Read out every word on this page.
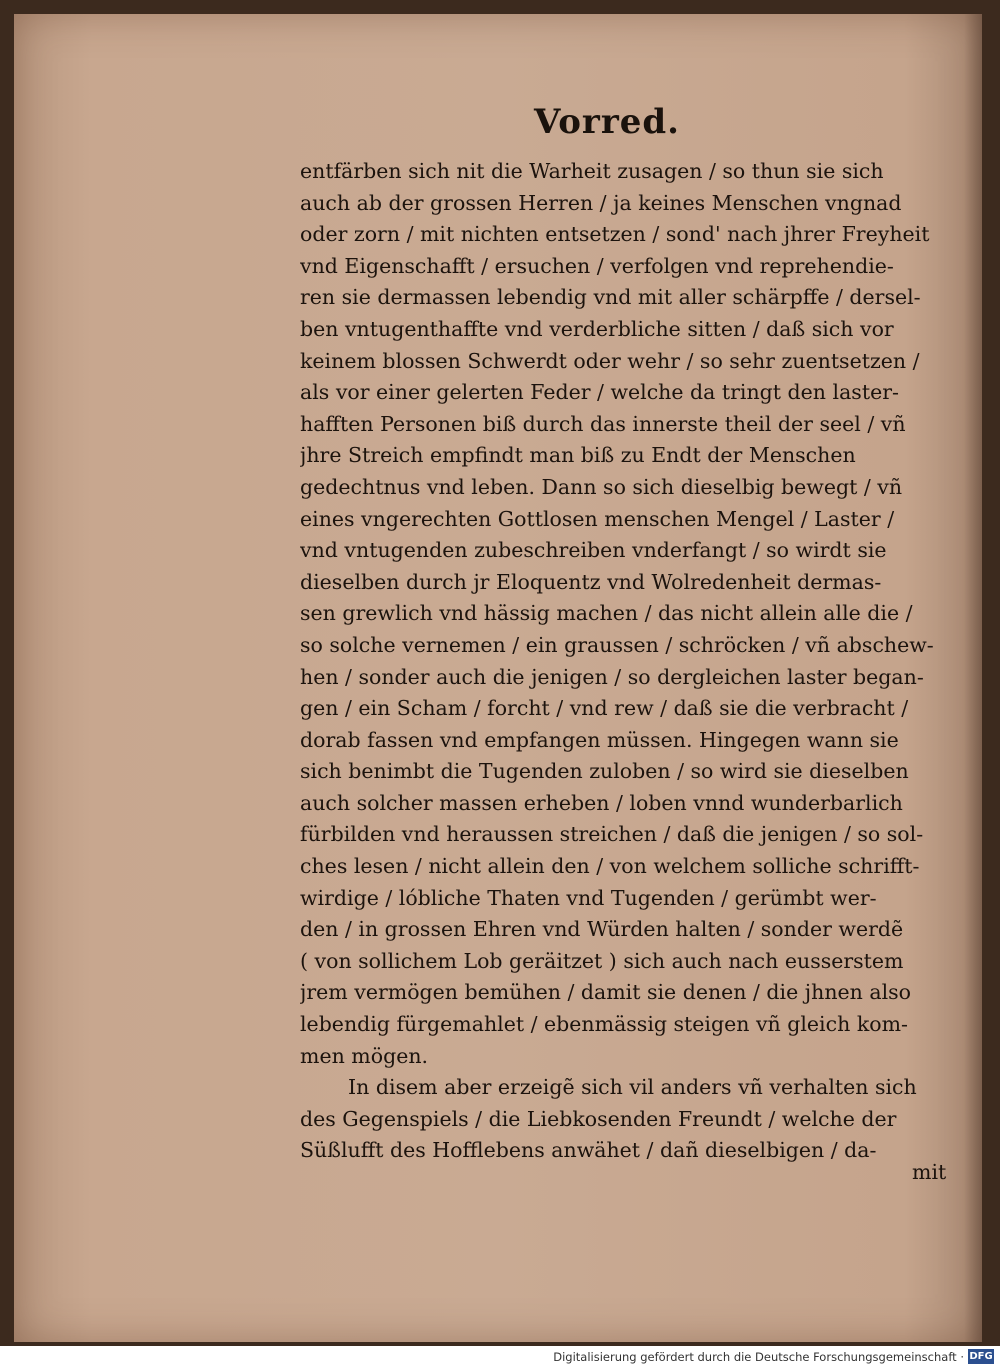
Vorred.
entfärben sich nit die Warheit zusagen / so thun sie sich
auch ab der grossen Herren / ja keines Menschen vngnad
oder zorn / mit nichten entsetzen / sond' nach jhrer Freyheit
vnd Eigenschafft / ersuchen / verfolgen vnd reprehendie-
ren sie dermassen lebendig vnd mit aller schärpffe / dersel-
ben vntugenthaffte vnd verderbliche sitten / daß sich vor
keinem blossen Schwerdt oder wehr / so sehr zuentsetzen /
als vor einer gelerten Feder / welche da tringt den laster-
hafften Personen biß durch das innerste theil der seel / vñ
jhre Streich empfindt man biß zu Endt der Menschen
gedechtnus vnd leben. Dann so sich dieselbig bewegt / vñ
eines vngerechten Gottlosen menschen Mengel / Laster /
vnd vntugenden zubeschreiben vnderfangt / so wirdt sie
dieselben durch jr Eloquentz vnd Wolredenheit dermas-
sen grewlich vnd hässig machen / das nicht allein alle die /
so solche vernemen / ein graussen / schröcken / vñ abschew-
hen / sonder auch die jenigen / so dergleichen laster began-
gen / ein Scham / forcht / vnd rew / daß sie die verbracht /
dorab fassen vnd empfangen müssen. Hingegen wann sie
sich benimbt die Tugenden zuloben / so wird sie dieselben
auch solcher massen erheben / loben vnnd wunderbarlich
fürbilden vnd heraussen streichen / daß die jenigen / so sol-
ches lesen / nicht allein den / von welchem solliche schrifft-
wirdige / lóbliche Thaten vnd Tugenden / gerümbt wer-
den / in grossen Ehren vnd Würden halten / sonder werdẽ
( von sollichem Lob geräitzet ) sich auch nach eusserstem
jrem vermögen bemühen / damit sie denen / die jhnen also
lebendig fürgemahlet / ebenmässig steigen vñ gleich kom-
men mögen.
In disem aber erzeigẽ sich vil anders vñ verhalten sich
des Gegenspiels / die Liebkosenden Freundt / welche der
Süßlufft des Hofflebens anwähet / dañ dieselbigen / da-
mit
Digitalisierung gefördert durch die Deutsche Forschungsgemeinschaft · DFG
